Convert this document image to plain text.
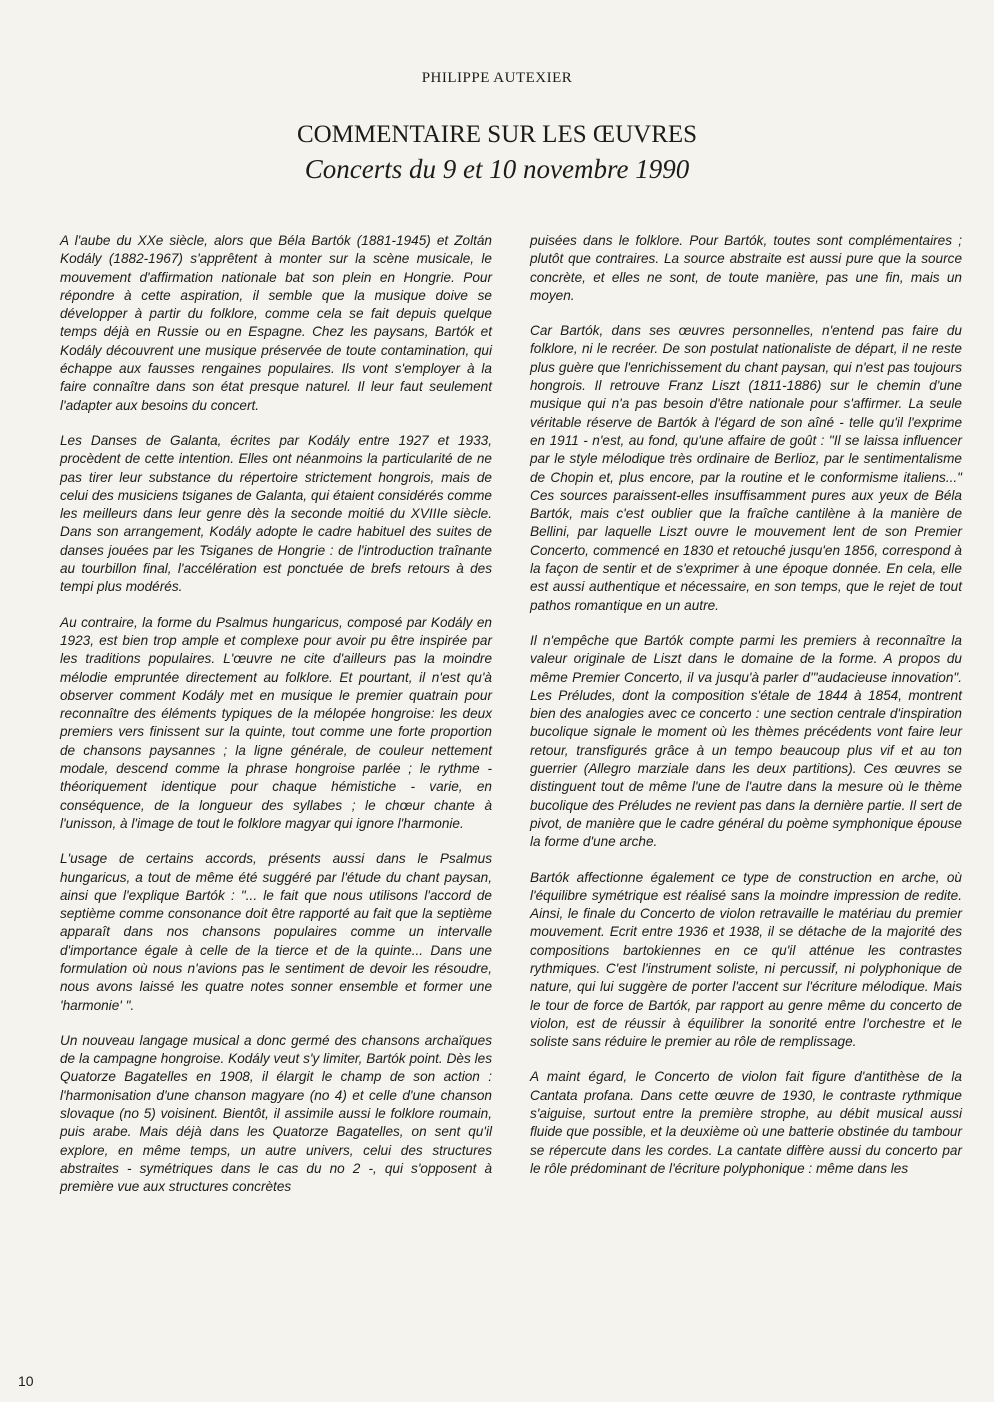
PHILIPPE AUTEXIER
COMMENTAIRE SUR LES ŒUVRES
Concerts du 9 et 10 novembre 1990

A l'aube du XXe siècle, alors que Béla Bartók (1881-1945) et Zoltán Kodály (1882-1967) s'apprêtent à monter sur la scène musicale, le mouvement d'affirmation nationale bat son plein en Hongrie. Pour répondre à cette aspiration, il semble que la musique doive se développer à partir du folklore, comme cela se fait depuis quelque temps déjà en Russie ou en Espagne. Chez les paysans, Bartók et Kodály découvrent une musique préservée de toute contamination, qui échappe aux fausses rengaines populaires. Ils vont s'employer à la faire connaître dans son état presque naturel. Il leur faut seulement l'adapter aux besoins du concert.

Les Danses de Galanta, écrites par Kodály entre 1927 et 1933, procèdent de cette intention. Elles ont néanmoins la particularité de ne pas tirer leur substance du répertoire strictement hongrois, mais de celui des musiciens tsiganes de Galanta, qui étaient considérés comme les meilleurs dans leur genre dès la seconde moitié du XVIIIe siècle. Dans son arrangement, Kodály adopte le cadre habituel des suites de danses jouées par les Tsiganes de Hongrie : de l'introduction traînante au tourbillon final, l'accélération est ponctuée de brefs retours à des tempi plus modérés.

Au contraire, la forme du Psalmus hungaricus, composé par Kodály en 1923, est bien trop ample et complexe pour avoir pu être inspirée par les traditions populaires. L'œuvre ne cite d'ailleurs pas la moindre mélodie empruntée directement au folklore. Et pourtant, il n'est qu'à observer comment Kodály met en musique le premier quatrain pour reconnaître des éléments typiques de la mélopée hongroise: les deux premiers vers finissent sur la quinte, tout comme une forte proportion de chansons paysannes ; la ligne générale, de couleur nettement modale, descend comme la phrase hongroise parlée ; le rythme - théoriquement identique pour chaque hémistiche - varie, en conséquence, de la longueur des syllabes ; le chœur chante à l'unisson, à l'image de tout le folklore magyar qui ignore l'harmonie.

L'usage de certains accords, présents aussi dans le Psalmus hungaricus, a tout de même été suggéré par l'étude du chant paysan, ainsi que l'explique Bartók : "... le fait que nous utilisons l'accord de septième comme consonance doit être rapporté au fait que la septième apparaît dans nos chansons populaires comme un intervalle d'importance égale à celle de la tierce et de la quinte... Dans une formulation où nous n'avions pas le sentiment de devoir les résoudre, nous avons laissé les quatre notes sonner ensemble et former une 'harmonie' ".

Un nouveau langage musical a donc germé des chansons archaïques de la campagne hongroise. Kodály veut s'y limiter, Bartók point. Dès les Quatorze Bagatelles en 1908, il élargit le champ de son action : l'harmonisation d'une chanson magyare (no 4) et celle d'une chanson slovaque (no 5) voisinent. Bientôt, il assimile aussi le folklore roumain, puis arabe. Mais déjà dans les Quatorze Bagatelles, on sent qu'il explore, en même temps, un autre univers, celui des structures abstraites - symétriques dans le cas du no 2 -, qui s'opposent à première vue aux structures concrètes

puisées dans le folklore. Pour Bartók, toutes sont complémentaires ; plutôt que contraires. La source abstraite est aussi pure que la source concrète, et elles ne sont, de toute manière, pas une fin, mais un moyen.

Car Bartók, dans ses œuvres personnelles, n'entend pas faire du folklore, ni le recréer. De son postulat nationaliste de départ, il ne reste plus guère que l'enrichissement du chant paysan, qui n'est pas toujours hongrois. Il retrouve Franz Liszt (1811-1886) sur le chemin d'une musique qui n'a pas besoin d'être nationale pour s'affirmer. La seule véritable réserve de Bartók à l'égard de son aîné - telle qu'il l'exprime en 1911 - n'est, au fond, qu'une affaire de goût : "Il se laissa influencer par le style mélodique très ordinaire de Berlioz, par le sentimentalisme de Chopin et, plus encore, par la routine et le conformisme italiens..." Ces sources paraissent-elles insuffisamment pures aux yeux de Béla Bartók, mais c'est oublier que la fraîche cantilène à la manière de Bellini, par laquelle Liszt ouvre le mouvement lent de son Premier Concerto, commencé en 1830 et retouché jusqu'en 1856, correspond à la façon de sentir et de s'exprimer à une époque donnée. En cela, elle est aussi authentique et nécessaire, en son temps, que le rejet de tout pathos romantique en un autre.

Il n'empêche que Bartók compte parmi les premiers à reconnaître la valeur originale de Liszt dans le domaine de la forme. A propos du même Premier Concerto, il va jusqu'à parler d'"audacieuse innovation". Les Préludes, dont la composition s'étale de 1844 à 1854, montrent bien des analogies avec ce concerto : une section centrale d'inspiration bucolique signale le moment où les thèmes précédents vont faire leur retour, transfigurés grâce à un tempo beaucoup plus vif et au ton guerrier (Allegro marziale dans les deux partitions). Ces œuvres se distinguent tout de même l'une de l'autre dans la mesure où le thème bucolique des Préludes ne revient pas dans la dernière partie. Il sert de pivot, de manière que le cadre général du poème symphonique épouse la forme d'une arche.

Bartók affectionne également ce type de construction en arche, où l'équilibre symétrique est réalisé sans la moindre impression de redite. Ainsi, le finale du Concerto de violon retravaille le matériau du premier mouvement. Ecrit entre 1936 et 1938, il se détache de la majorité des compositions bartokiennes en ce qu'il atténue les contrastes rythmiques. C'est l'instrument soliste, ni percussif, ni polyphonique de nature, qui lui suggère de porter l'accent sur l'écriture mélodique. Mais le tour de force de Bartók, par rapport au genre même du concerto de violon, est de réussir à équilibrer la sonorité entre l'orchestre et le soliste sans réduire le premier au rôle de remplissage.

A maint égard, le Concerto de violon fait figure d'antithèse de la Cantata profana. Dans cette œuvre de 1930, le contraste rythmique s'aiguise, surtout entre la première strophe, au débit musical aussi fluide que possible, et la deuxième où une batterie obstinée du tambour se répercute dans les cordes. La cantate diffère aussi du concerto par le rôle prédominant de l'écriture polyphonique : même dans les

10
